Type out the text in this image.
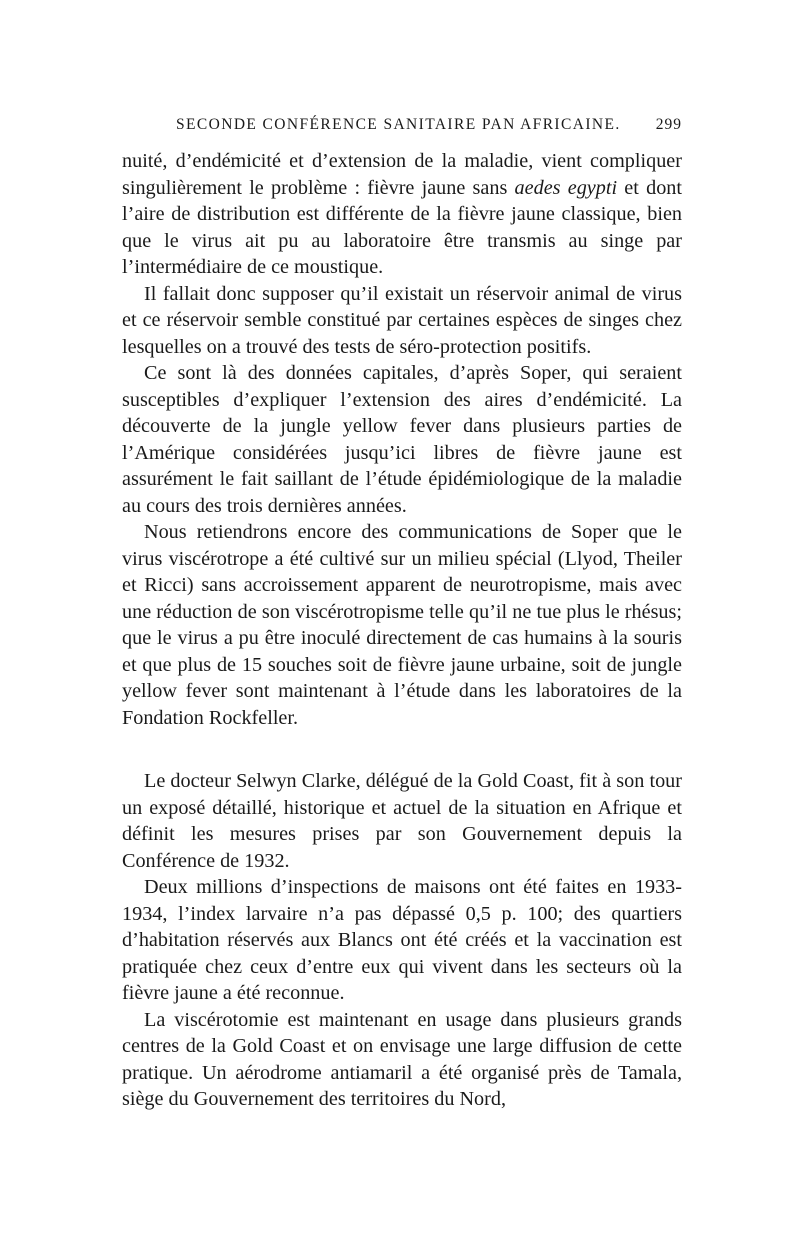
SECONDE CONFÉRENCE SANITAIRE PAN AFRICAINE. 299

nuité, d’endémicité et d’extension de la maladie, vient compliquer singulièrement le problème : fièvre jaune sans aedes egypti et dont l’aire de distribution est différente de la fièvre jaune classique, bien que le virus ait pu au laboratoire être transmis au singe par l’intermédiaire de ce moustique.

Il fallait donc supposer qu’il existait un réservoir animal de virus et ce réservoir semble constitué par certaines espèces de singes chez lesquelles on a trouvé des tests de séro-protection positifs.

Ce sont là des données capitales, d’après Soper, qui seraient susceptibles d’expliquer l’extension des aires d’endémicité. La découverte de la jungle yellow fever dans plusieurs parties de l’Amérique considérées jusqu’ici libres de fièvre jaune est assurément le fait saillant de l’étude épidémiologique de la maladie au cours des trois dernières années.

Nous retiendrons encore des communications de Soper que le virus viscérotrope a été cultivé sur un milieu spécial (Llyod, Theiler et Ricci) sans accroissement apparent de neurotropisme, mais avec une réduction de son viscérotropisme telle qu’il ne tue plus le rhésus; que le virus a pu être inoculé directement de cas humains à la souris et que plus de 15 souches soit de fièvre jaune urbaine, soit de jungle yellow fever sont maintenant à l’étude dans les laboratoires de la Fondation Rockfeller.

Le docteur Selwyn Clarke, délégué de la Gold Coast, fit à son tour un exposé détaillé, historique et actuel de la situation en Afrique et définit les mesures prises par son Gouvernement depuis la Conférence de 1932.

Deux millions d’inspections de maisons ont été faites en 1933-1934, l’index larvaire n’a pas dépassé 0,5 p. 100; des quartiers d’habitation réservés aux Blancs ont été créés et la vaccination est pratiquée chez ceux d’entre eux qui vivent dans les secteurs où la fièvre jaune a été reconnue.

La viscérotomie est maintenant en usage dans plusieurs grands centres de la Gold Coast et on envisage une large diffusion de cette pratique. Un aérodrome antiamaril a été organisé près de Tamala, siège du Gouvernement des territoires du Nord,
